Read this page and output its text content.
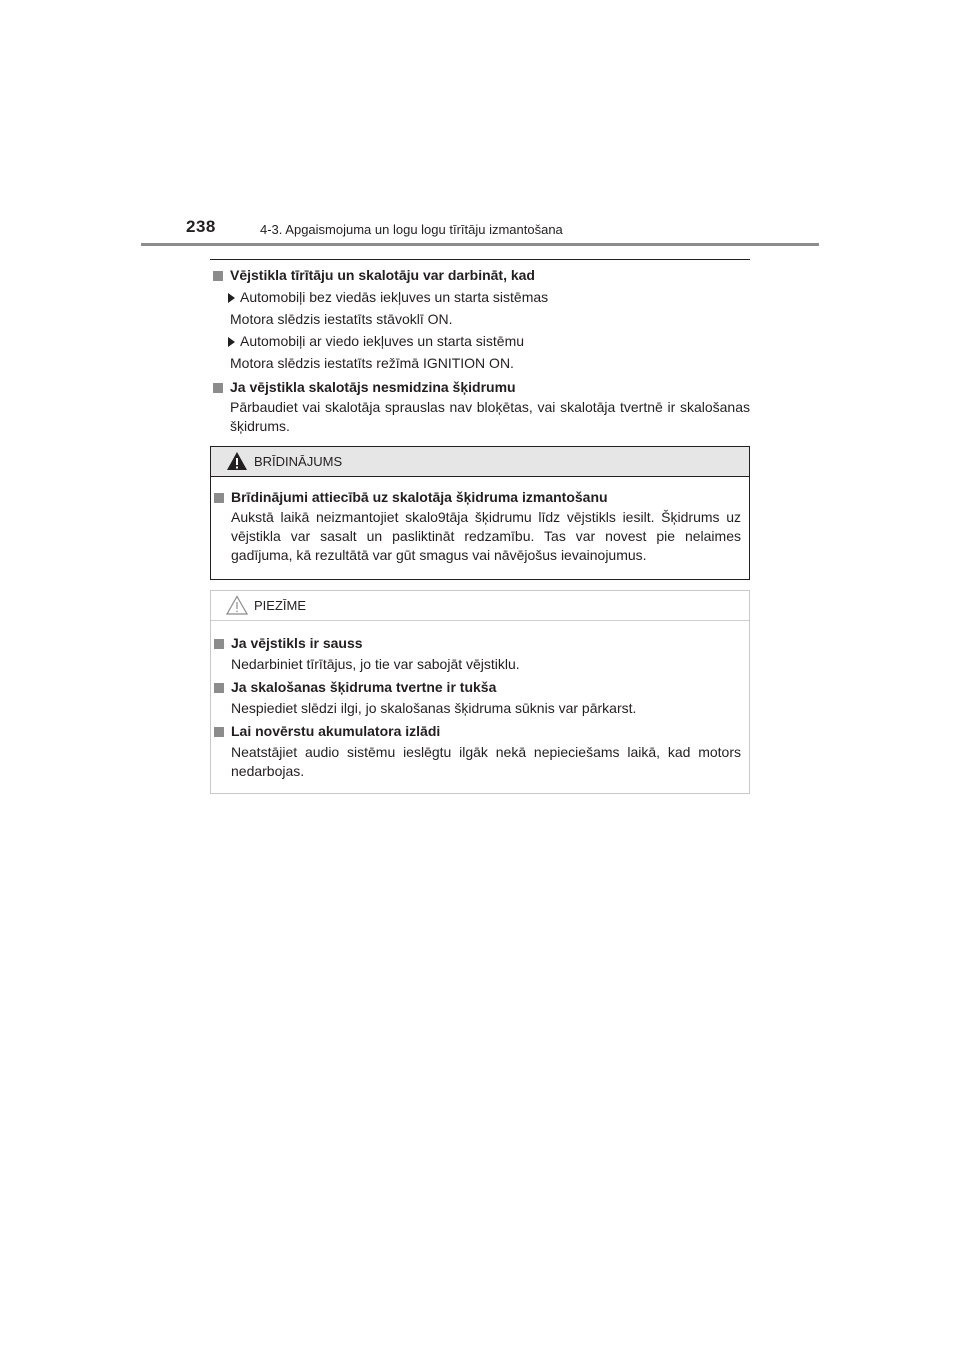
238	4-3. Apgaismojuma un logu logu tīrītāju izmantošana
Vējstikla tīrītāju un skalotāju var darbināt, kad
Automobiļi bez viedās iekļuves un starta sistēmas
Motora slēdzis iestatīts stāvoklī ON.
Automobiļi ar viedo iekļuves un starta sistēmu
Motora slēdzis iestatīts režīmā IGNITION ON.
Ja vējstikla skalotājs nesmidzina šķidrumu
Pārbaudiet vai skalotāja sprauslas nav bloķētas, vai skalotāja tvertnē ir skalošanas šķidrums.
BRĪDINĀJUMS
Brīdinājumi attiecībā uz skalotāja šķidruma izmantošanu
Aukstā laikā neizmantojiet skalo9tāja šķidrumu līdz vējstikls iesilt. Šķidrums uz vējstikla var sasalt un pasliktināt redzamību. Tas var novest pie nelaimes gadījuma, kā rezultātā var gūt smagus vai nāvējošus ievainojumus.
PIEZĪME
Ja vējstikls ir sauss
Nedarbiniet tīrītājus, jo tie var sabojāt vējstiklu.
Ja skalošanas šķidruma tvertne ir tukša
Nespiediet slēdzi ilgi, jo skalošanas šķidruma sūknis var pārkarst.
Lai novērstu akumulatora izlādi
Neatstājiet audio sistēmu ieslēgtu ilgāk nekā nepieciešams laikā, kad motors nedarbojas.
